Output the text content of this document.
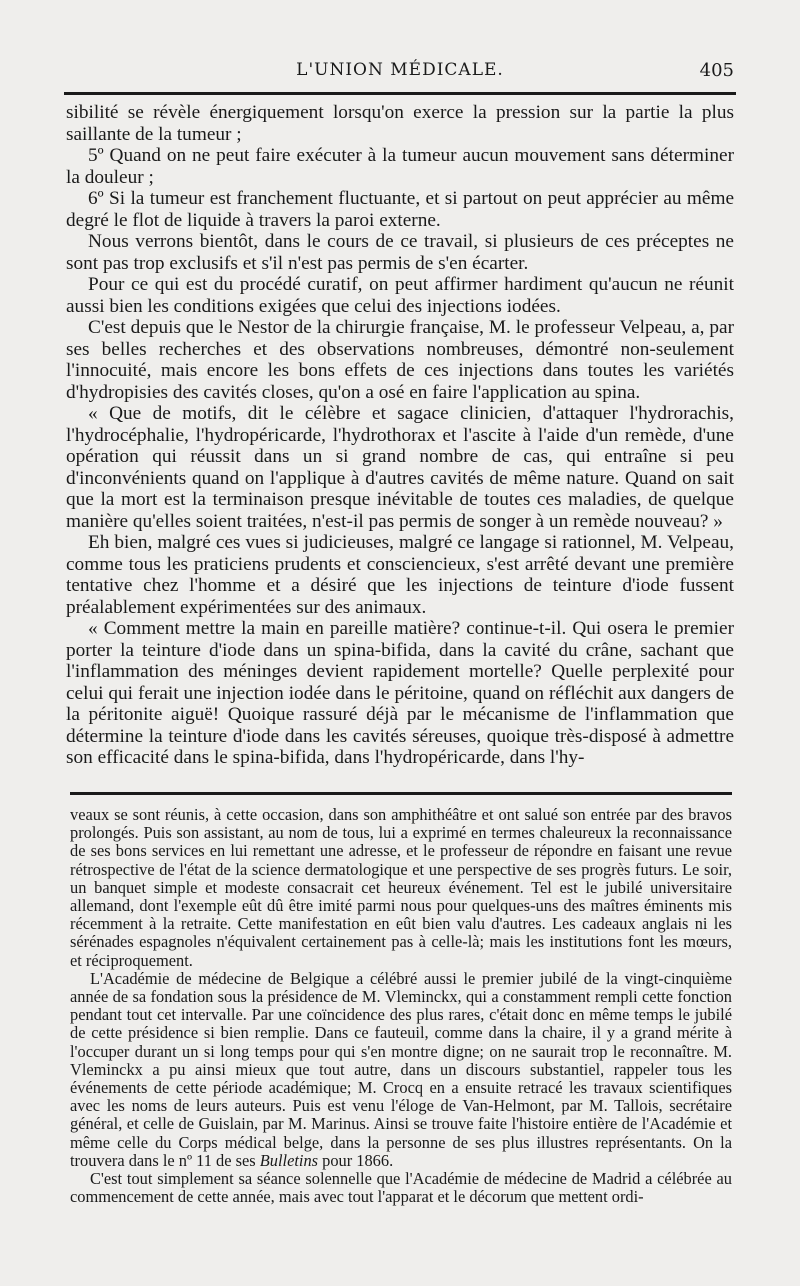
L'UNION MÉDICALE.	405

sibilité se révèle énergiquement lorsqu'on exerce la pression sur la partie la plus saillante de la tumeur ;

5º Quand on ne peut faire exécuter à la tumeur aucun mouvement sans déterminer la douleur ;

6º Si la tumeur est franchement fluctuante, et si partout on peut apprécier au même degré le flot de liquide à travers la paroi externe.

Nous verrons bientôt, dans le cours de ce travail, si plusieurs de ces préceptes ne sont pas trop exclusifs et s'il n'est pas permis de s'en écarter.

Pour ce qui est du procédé curatif, on peut affirmer hardiment qu'aucun ne réunit aussi bien les conditions exigées que celui des injections iodées.

C'est depuis que le Nestor de la chirurgie française, M. le professeur Velpeau, a, par ses belles recherches et des observations nombreuses, démontré non-seulement l'innocuité, mais encore les bons effets de ces injections dans toutes les variétés d'hydropisies des cavités closes, qu'on a osé en faire l'application au spina.

« Que de motifs, dit le célèbre et sagace clinicien, d'attaquer l'hydrorachis, l'hydrocéphalie, l'hydropéricarde, l'hydrothorax et l'ascite à l'aide d'un remède, d'une opération qui réussit dans un si grand nombre de cas, qui entraîne si peu d'inconvénients quand on l'applique à d'autres cavités de même nature. Quand on sait que la mort est la terminaison presque inévitable de toutes ces maladies, de quelque manière qu'elles soient traitées, n'est-il pas permis de songer à un remède nouveau? »

Eh bien, malgré ces vues si judicieuses, malgré ce langage si rationnel, M. Velpeau, comme tous les praticiens prudents et consciencieux, s'est arrêté devant une première tentative chez l'homme et a désiré que les injections de teinture d'iode fussent préalablement expérimentées sur des animaux.

« Comment mettre la main en pareille matière? continue-t-il. Qui osera le premier porter la teinture d'iode dans un spina-bifida, dans la cavité du crâne, sachant que l'inflammation des méninges devient rapidement mortelle? Quelle perplexité pour celui qui ferait une injection iodée dans le péritoine, quand on réfléchit aux dangers de la péritonite aiguë! Quoique rassuré déjà par le mécanisme de l'inflammation que détermine la teinture d'iode dans les cavités séreuses, quoique très-disposé à admettre son efficacité dans le spina-bifida, dans l'hydropéricarde, dans l'hy-

veaux se sont réunis, à cette occasion, dans son amphithéâtre et ont salué son entrée par des bravos prolongés. Puis son assistant, au nom de tous, lui a exprimé en termes chaleureux la reconnaissance de ses bons services en lui remettant une adresse, et le professeur de répondre en faisant une revue rétrospective de l'état de la science dermatologique et une perspective de ses progrès futurs. Le soir, un banquet simple et modeste consacrait cet heureux événement. Tel est le jubilé universitaire allemand, dont l'exemple eût dû être imité parmi nous pour quelques-uns des maîtres éminents mis récemment à la retraite. Cette manifestation en eût bien valu d'autres. Les cadeaux anglais ni les sérénades espagnoles n'équivalent certainement pas à celle-là; mais les institutions font les mœurs, et réciproquement.

L'Académie de médecine de Belgique a célébré aussi le premier jubilé de la vingt-cinquième année de sa fondation sous la présidence de M. Vleminckx, qui a constamment rempli cette fonction pendant tout cet intervalle. Par une coïncidence des plus rares, c'était donc en même temps le jubilé de cette présidence si bien remplie. Dans ce fauteuil, comme dans la chaire, il y a grand mérite à l'occuper durant un si long temps pour qui s'en montre digne; on ne saurait trop le reconnaître. M. Vleminckx a pu ainsi mieux que tout autre, dans un discours substantiel, rappeler tous les événements de cette période académique; M. Crocq en a ensuite retracé les travaux scientifiques avec les noms de leurs auteurs. Puis est venu l'éloge de Van-Helmont, par M. Tallois, secrétaire général, et celle de Guislain, par M. Marinus. Ainsi se trouve faite l'histoire entière de l'Académie et même celle du Corps médical belge, dans la personne de ses plus illustres représentants. On la trouvera dans le nº 11 de ses Bulletins pour 1866.

C'est tout simplement sa séance solennelle que l'Académie de médecine de Madrid a célébrée au commencement de cette année, mais avec tout l'apparat et le décorum que mettent ordi-
